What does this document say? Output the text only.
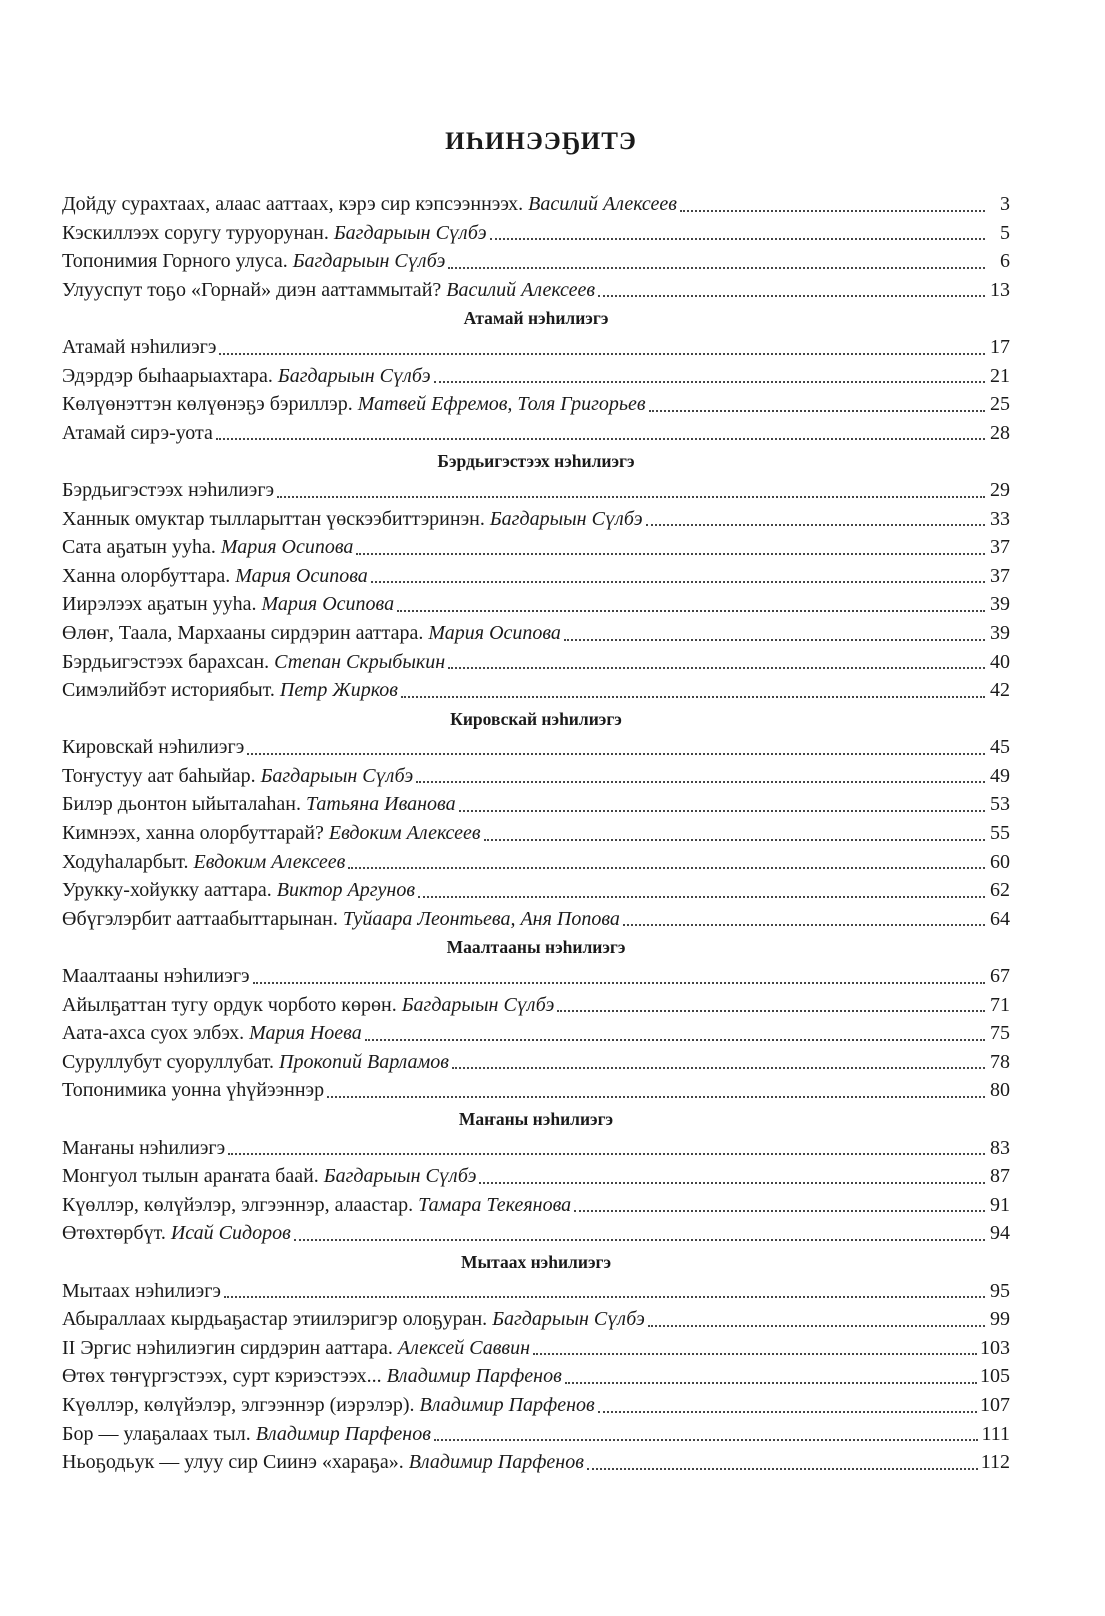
ИҺИНЭЭҔИТЭ
Дойду сурахтаах, алаас ааттаах, кэрэ сир кэпсээннээх. Василий Алексеев	3
Кэскиллээх соругу туруорунан. Багдарыын Сүлбэ	5
Топонимия Горного улуса. Багдарыын Сүлбэ	6
Улууспут тоҕо «Горнай» диэн ааттаммытай? Василий Алексеев	13
Атамай нэһилиэгэ
Атамай нэһилиэгэ	17
Эдэрдэр быһаарыахтара. Багдарыын Сүлбэ	21
Көлүөнэттэн көлүөнэҕэ бэриллэр. Матвей Ефремов, Толя Григорьев	25
Атамай сирэ-уота	28
Бэрдьигэстээх нэһилиэгэ
Бэрдьигэстээх нэһилиэгэ	29
Ханнык омуктар тылларыттан үөскээбиттэринэн. Багдарыын Сүлбэ	33
Сата аҕатын ууһа. Мария Осипова	37
Ханна олорбуттара. Мария Осипова	37
Иирэлээх аҕатын ууһа. Мария Осипова	39
Өлөҥ, Таала, Мархааны сирдэрин ааттара. Мария Осипова	39
Бэрдьигэстээх барахсан. Степан Скрыбыкин	40
Симэлийбэт историябыт. Петр Жирков	42
Кировскай нэһилиэгэ
Кировскай нэһилиэгэ	45
Тоҥустуу аат баһыйар. Багдарыын Сүлбэ	49
Билэр дьонтон ыйыталаһан. Татьяна Иванова	53
Кимнээх, ханна олорбуттарай? Евдоким Алексеев	55
Ходуһаларбыт. Евдоким Алексеев	60
Урукку-хойукку ааттара. Виктор Аргунов	62
Өбүгэлэрбит ааттаабыттарынан. Туйаара Леонтьева, Аня Попова	64
Маалтааны нэһилиэгэ
Маалтааны нэһилиэгэ	67
Айылҕаттан тугу ордук чорбото көрөн. Багдарыын Сүлбэ	71
Аата-ахса суох элбэх. Мария Ноева	75
Суруллубут суоруллубат. Прокопий Варламов	78
Топонимика уонна үһүйээннэр	80
Маҥаны нэһилиэгэ
Маҥаны нэһилиэгэ	83
Монгуол тылын араҥата баай. Багдарыын Сүлбэ	87
Күөллэр, көлүйэлэр, элгээннэр, алаастар. Тамара Текеянова	91
Өтөхтөрбүт. Исай Сидоров	94
Мытаах нэһилиэгэ
Мытаах нэһилиэгэ	95
Абыраллаах кырдьаҕастар этиилэригэр олоҕуран. Багдарыын Сүлбэ	99
II Эргис нэһилиэгин сирдэрин ааттара. Алексей Саввин	103
Өтөх төҥүргэстээх, сурт кэриэстээх... Владимир Парфенов	105
Күөллэр, көлүйэлэр, элгээннэр (иэрэлэр). Владимир Парфенов	107
Бор — улаҕалаах тыл. Владимир Парфенов	111
Ньоҕодьук — улуу сир Сиинэ «хараҕа». Владимир Парфенов	112
